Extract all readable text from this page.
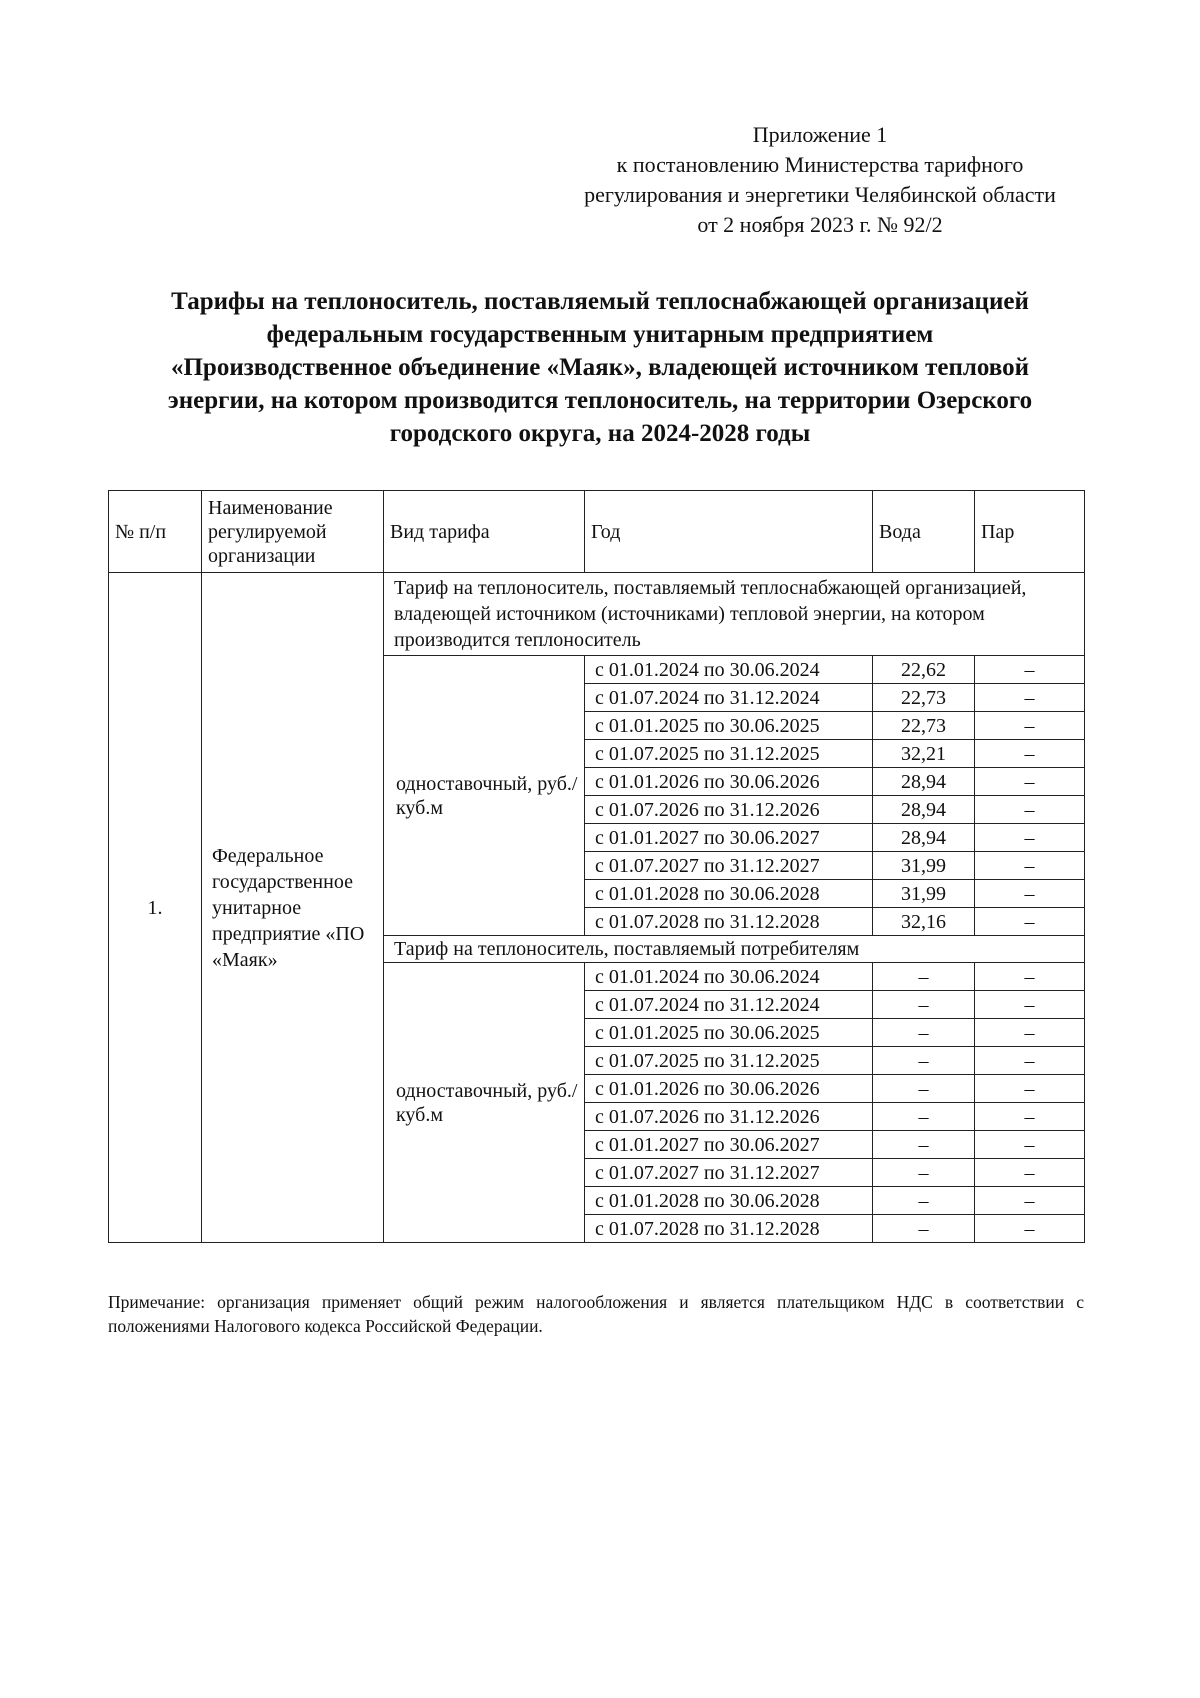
Приложение 1
к постановлению Министерства тарифного
регулирования и энергетики Челябинской области
от 2 ноября 2023 г. № 92/2
Тарифы на теплоноситель, поставляемый теплоснабжающей организацией
федеральным государственным унитарным предприятием
«Производственное объединение «Маяк», владеющей источником тепловой
энергии, на котором производится теплоноситель, на территории Озерского
городского округа, на 2024-2028 годы
№ п/п	Наименование регулируемой организации	Вид тарифа	Год	Вода	Пар
1.	Федеральное государственное унитарное предприятие «ПО «Маяк»	Тариф на теплоноситель, поставляемый теплоснабжающей организацией, владеющей источником (источниками) тепловой энергии, на котором производится теплоноситель			
		одноставочный, руб./ куб.м	с 01.01.2024 по 30.06.2024	22,62	–
			с 01.07.2024 по 31.12.2024	22,73	–
			с 01.01.2025 по 30.06.2025	22,73	–
			с 01.07.2025 по 31.12.2025	32,21	–
			с 01.01.2026 по 30.06.2026	28,94	–
			с 01.07.2026 по 31.12.2026	28,94	–
			с 01.01.2027 по 30.06.2027	28,94	–
			с 01.07.2027 по 31.12.2027	31,99	–
			с 01.01.2028 по 30.06.2028	31,99	–
			с 01.07.2028 по 31.12.2028	32,16	–
		Тариф на теплоноситель, поставляемый потребителям			
		одноставочный, руб./ куб.м	с 01.01.2024 по 30.06.2024	–	–
			с 01.07.2024 по 31.12.2024	–	–
			с 01.01.2025 по 30.06.2025	–	–
			с 01.07.2025 по 31.12.2025	–	–
			с 01.01.2026 по 30.06.2026	–	–
			с 01.07.2026 по 31.12.2026	–	–
			с 01.01.2027 по 30.06.2027	–	–
			с 01.07.2027 по 31.12.2027	–	–
			с 01.01.2028 по 30.06.2028	–	–
			с 01.07.2028 по 31.12.2028	–	–
Примечание: организация применяет общий режим налогообложения и является плательщиком НДС в соответствии с положениями Налогового кодекса Российской Федерации.
